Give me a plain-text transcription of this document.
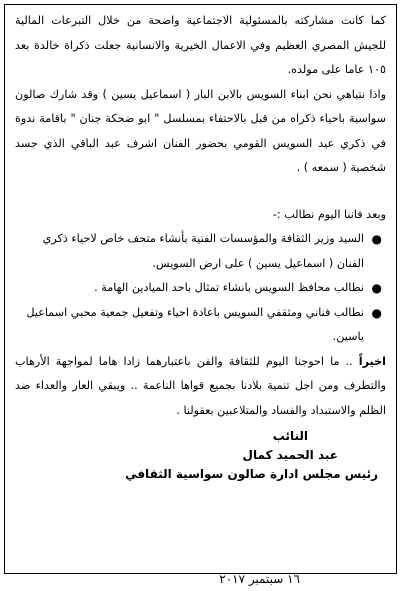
كما كانت مشاركته بالمسئولية الاجتماعية واضحة من خلال التبرعات المالية للجيش المصري العظيم وفي الاعمال الخيرية والانسانية جعلت ذكراة خالدة بعد ١٠٥ عاما على مولده.

واذا نتباهي نحن ابناء السويس بالابن البار ( اسماعيل يسين ) وقد شارك صالون سواسية باحياء ذكراه من قبل بالاحتفاء بمسلسل " ابو ضحكة جنان " باقامة ندوة في ذكري عيد السويس القومي بحضور الفنان اشرف عبد الباقي الذي جسد شخصية ( سمعه ) .

وبعد فاننا اليوم نطالب :-

●
السيد وزير الثقافة والمؤسسات الفنية بأنشاء متحف خاص لاحياء ذكري الفنان ( اسماعيل يسين ) على ارض السويس.
●
نطالب محافظ السويس بانشاء تمثال باحد الميادين الهامة .
●
نطالب فناني ومثقفي السويس باعادة احياء وتفعيل جمعية محبي اسماعيل ياسين.

اخيراً .. ما احوجنا اليوم للثقافة والفن باعتبارهما زادا هاما لمواجهة الأرهاب والتطرف ومن اجل تنمية بلادنا بجميع قواها الناعمة .. ويبقي العار والعداء ضد الظلم والاستبداد والفساد والمتلاعبين بعقولنا .

النائب
عبد الحميد كمال
رئيس مجلس ادارة صالون سواسية الثقافي
١٦ سبتمبر ٢٠١٧
